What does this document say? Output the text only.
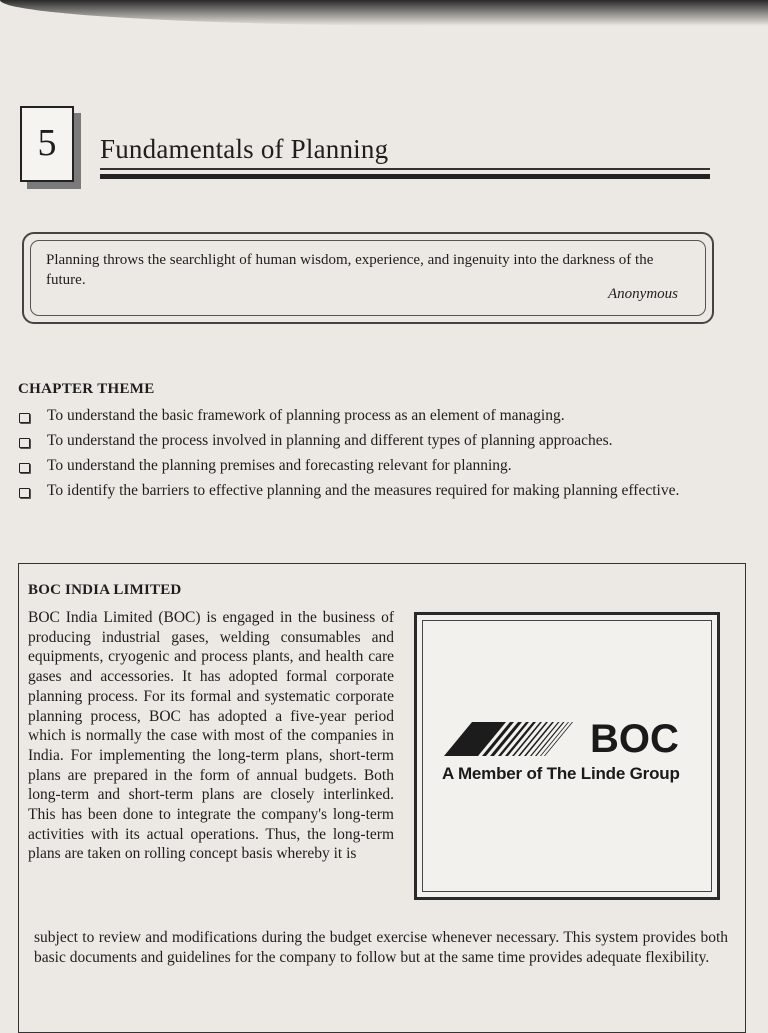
5	Fundamentals of Planning
Planning throws the searchlight of human wisdom, experience, and ingenuity into the darkness of the future.
Anonymous
CHAPTER THEME
To understand the basic framework of planning process as an element of managing.
To understand the process involved in planning and different types of planning approaches.
To understand the planning premises and forecasting relevant for planning.
To identify the barriers to effective planning and the measures required for making planning effective.
BOC INDIA LIMITED
BOC India Limited (BOC) is engaged in the business of producing industrial gases, welding consumables and equipments, cryogenic and process plants, and health care gases and accessories. It has adopted formal corporate planning process. For its formal and systematic corporate planning process, BOC has adopted a five-year period which is normally the case with most of the companies in India. For implementing the long-term plans, short-term plans are prepared in the form of annual budgets. Both long-term and short-term plans are closely interlinked. This has been done to integrate the company's long-term activities with its actual operations. Thus, the long-term plans are taken on rolling concept basis whereby it is
BOC
A Member of The Linde Group
subject to review and modifications during the budget exercise whenever necessary. This system provides both basic documents and guidelines for the company to follow but at the same time provides adequate flexibility.
